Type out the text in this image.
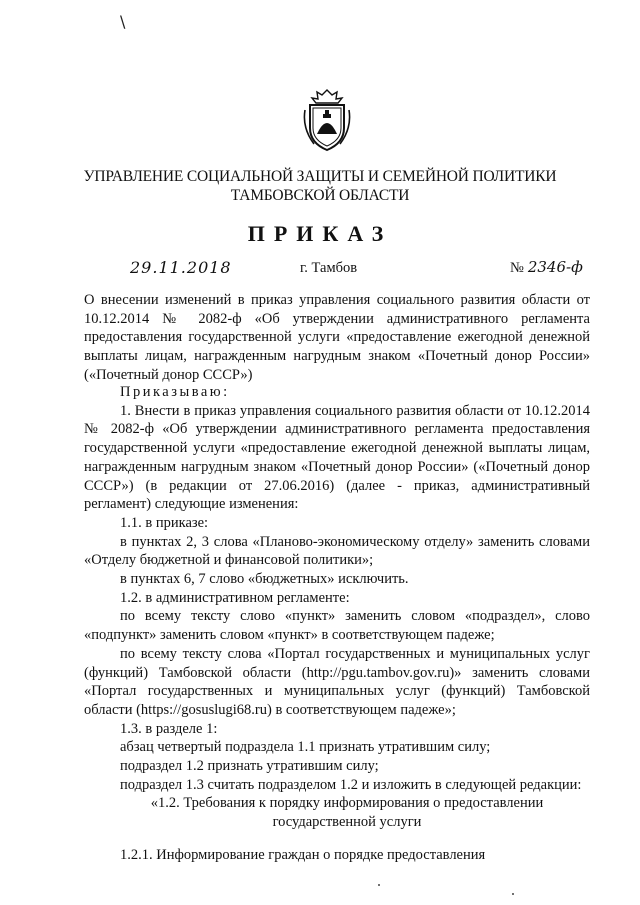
\
УПРАВЛЕНИЕ СОЦИАЛЬНОЙ ЗАЩИТЫ И СЕМЕЙНОЙ ПОЛИТИКИ
ТАМБОВСКОЙ ОБЛАСТИ
ПРИКАЗ
29.11.2018	г. Тамбов	№ 2346-ф
О внесении изменений в приказ управления социального развития области от 10.12.2014 № 2082-ф «Об утверждении административного регламента предоставления государственной услуги «предоставление ежегодной денежной выплаты лицам, награжденным нагрудным знаком «Почетный донор России» («Почетный донор СССР»)

Приказываю:

1. Внести в приказ управления социального развития области от 10.12.2014 № 2082-ф «Об утверждении административного регламента предоставления государственной услуги «предоставление ежегодной денежной выплаты лицам, награжденным нагрудным знаком «Почетный донор России» («Почетный донор СССР») (в редакции от 27.06.2016) (далее - приказ, административный регламент) следующие изменения:

1.1. в приказе:

в пунктах 2, 3 слова «Планово-экономическому отделу» заменить словами «Отделу бюджетной и финансовой политики»;

в пунктах 6, 7 слово «бюджетных» исключить.

1.2. в административном регламенте:

по всему тексту слово «пункт» заменить словом «подраздел», слово «подпункт» заменить словом «пункт» в соответствующем падеже;

по всему тексту слова «Портал государственных и муниципальных услуг (функций) Тамбовской области (http://pgu.tambov.gov.ru)» заменить словами «Портал государственных и муниципальных услуг (функций) Тамбовской области (https://gosuslugi68.ru) в соответствующем падеже»;

1.3. в разделе 1:

абзац четвертый подраздела 1.1 признать утратившим силу;

подраздел 1.2 признать утратившим силу;

подраздел 1.3 считать подразделом 1.2 и изложить в следующей редакции:

«1.2. Требования к порядку информирования о предоставлении государственной услуги

1.2.1. Информирование граждан о порядке предоставления
